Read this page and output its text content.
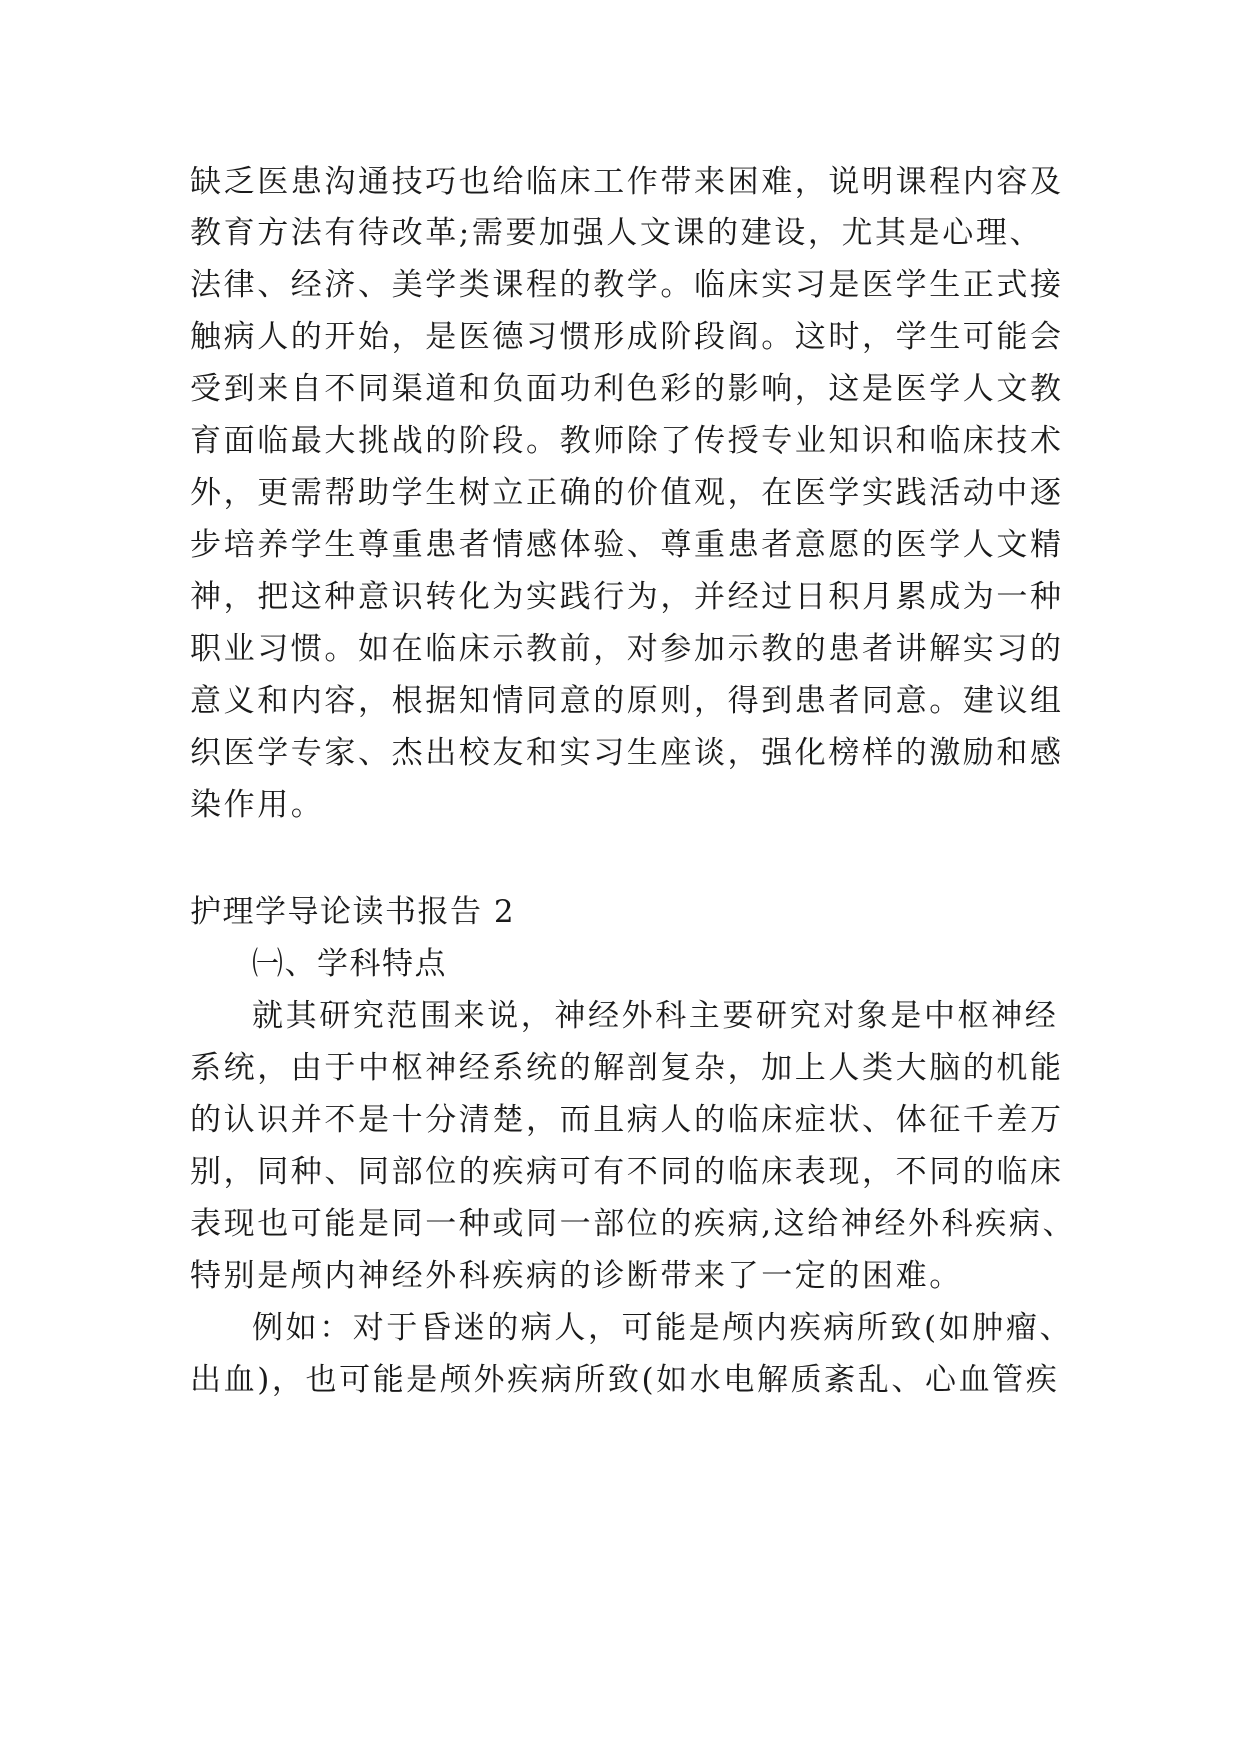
缺乏医患沟通技巧也给临床工作带来困难，说明课程内容及
教育方法有待改革;需要加强人文课的建设，尤其是心理、
法律、经济、美学类课程的教学。临床实习是医学生正式接
触病人的开始，是医德习惯形成阶段阎。这时，学生可能会
受到来自不同渠道和负面功利色彩的影响，这是医学人文教
育面临最大挑战的阶段。教师除了传授专业知识和临床技术
外，更需帮助学生树立正确的价值观，在医学实践活动中逐
步培养学生尊重患者情感体验、尊重患者意愿的医学人文精
神，把这种意识转化为实践行为，并经过日积月累成为一种
职业习惯。如在临床示教前，对参加示教的患者讲解实习的
意义和内容，根据知情同意的原则，得到患者同意。建议组
织医学专家、杰出校友和实习生座谈，强化榜样的激励和感
染作用。
护理学导论读书报告 2
㈠、学科特点
就其研究范围来说，神经外科主要研究对象是中枢神经
系统，由于中枢神经系统的解剖复杂，加上人类大脑的机能
的认识并不是十分清楚，而且病人的临床症状、体征千差万
别，同种、同部位的疾病可有不同的临床表现，不同的临床
表现也可能是同一种或同一部位的疾病,这给神经外科疾病、
特别是颅内神经外科疾病的诊断带来了一定的困难。
例如：对于昏迷的病人，可能是颅内疾病所致(如肿瘤、
出血)，也可能是颅外疾病所致(如水电解质紊乱、心血管疾
